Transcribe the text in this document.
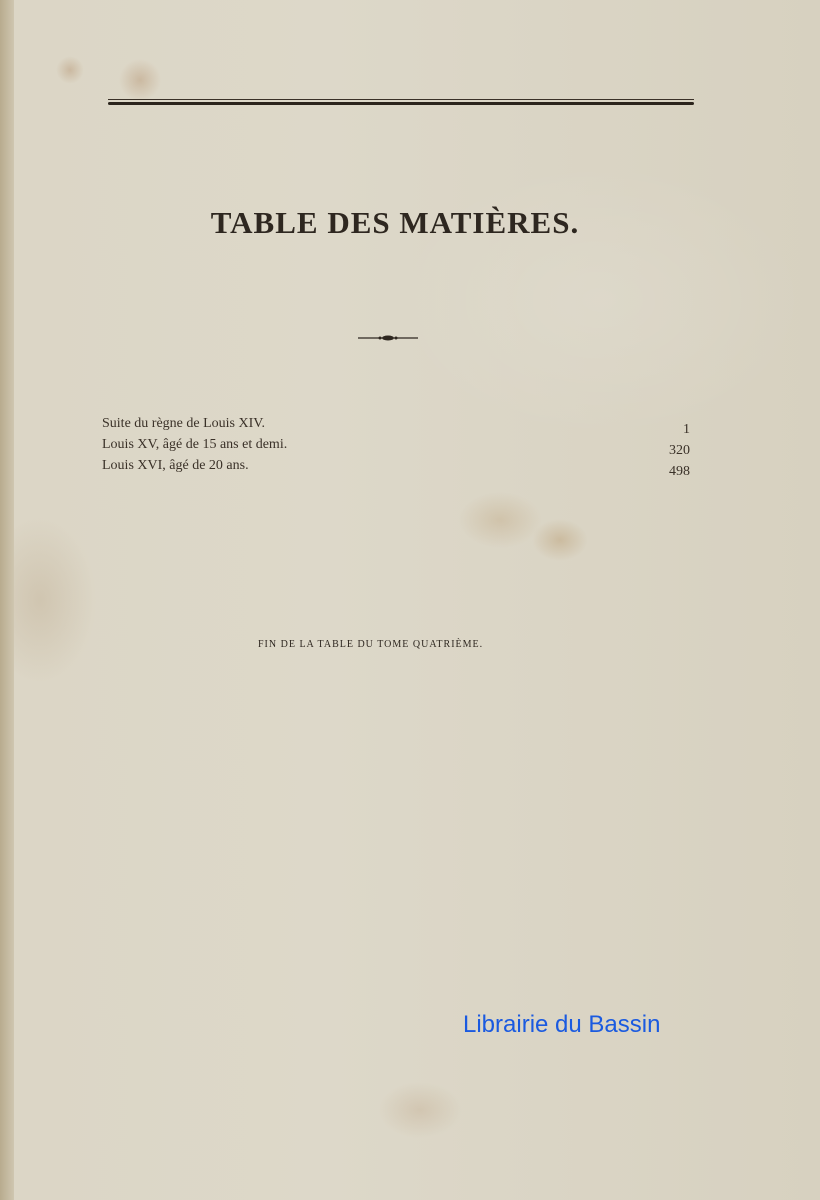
TABLE DES MATIÈRES.
Suite du règne de Louis XIV.	1
Louis XV, âgé de 15 ans et demi.	320
Louis XVI, âgé de 20 ans.	498

FIN DE LA TABLE DU TOME QUATRIÈME.

Librairie du Bassin
